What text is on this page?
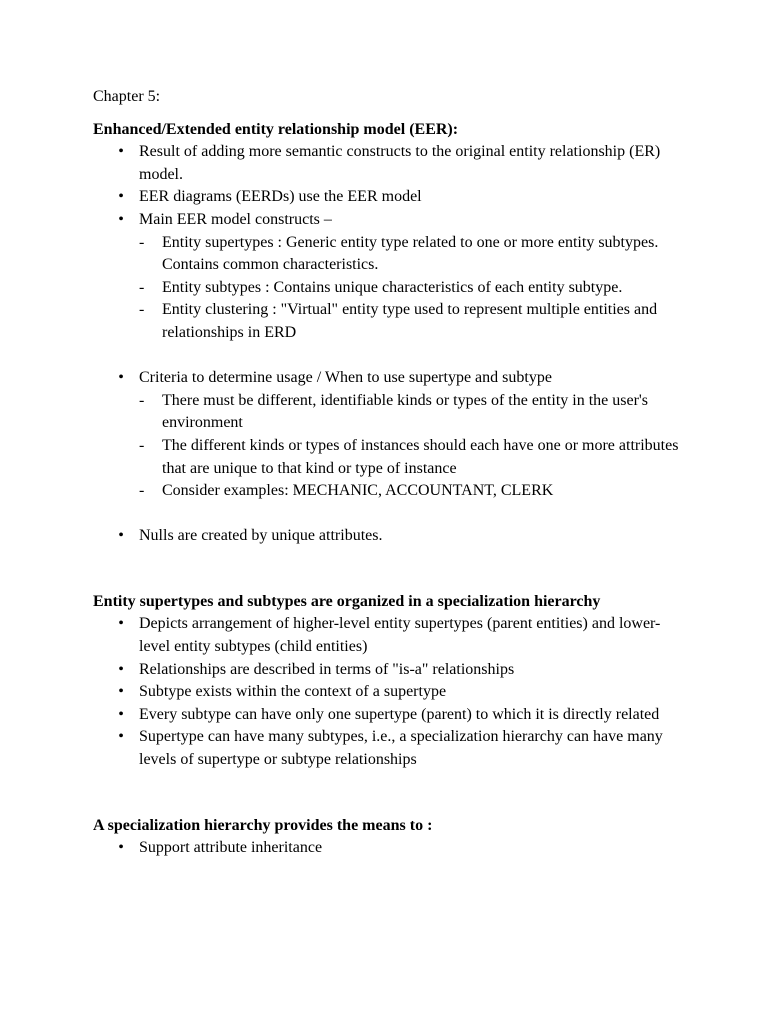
Chapter 5:

Enhanced/Extended entity relationship model (EER):

• Result of adding more semantic constructs to the original entity relationship (ER) model.
• EER diagrams (EERDs) use the EER model
• Main EER model constructs –
- Entity supertypes : Generic entity type related to one or more entity subtypes. Contains common characteristics.
- Entity subtypes : Contains unique characteristics of each entity subtype.
- Entity clustering : "Virtual" entity type used to represent multiple entities and relationships in ERD
• Criteria to determine usage / When to use supertype and subtype
- There must be different, identifiable kinds or types of the entity in the user's environment
- The different kinds or types of instances should each have one or more attributes that are unique to that kind or type of instance
- Consider examples: MECHANIC, ACCOUNTANT, CLERK
• Nulls are created by unique attributes.

Entity supertypes and subtypes are organized in a specialization hierarchy

• Depicts arrangement of higher-level entity supertypes (parent entities) and lower-level entity subtypes (child entities)
• Relationships are described in terms of "is-a" relationships
• Subtype exists within the context of a supertype
• Every subtype can have only one supertype (parent) to which it is directly related
• Supertype can have many subtypes, i.e., a specialization hierarchy can have many levels of supertype or subtype relationships

A specialization hierarchy provides the means to :

• Support attribute inheritance
